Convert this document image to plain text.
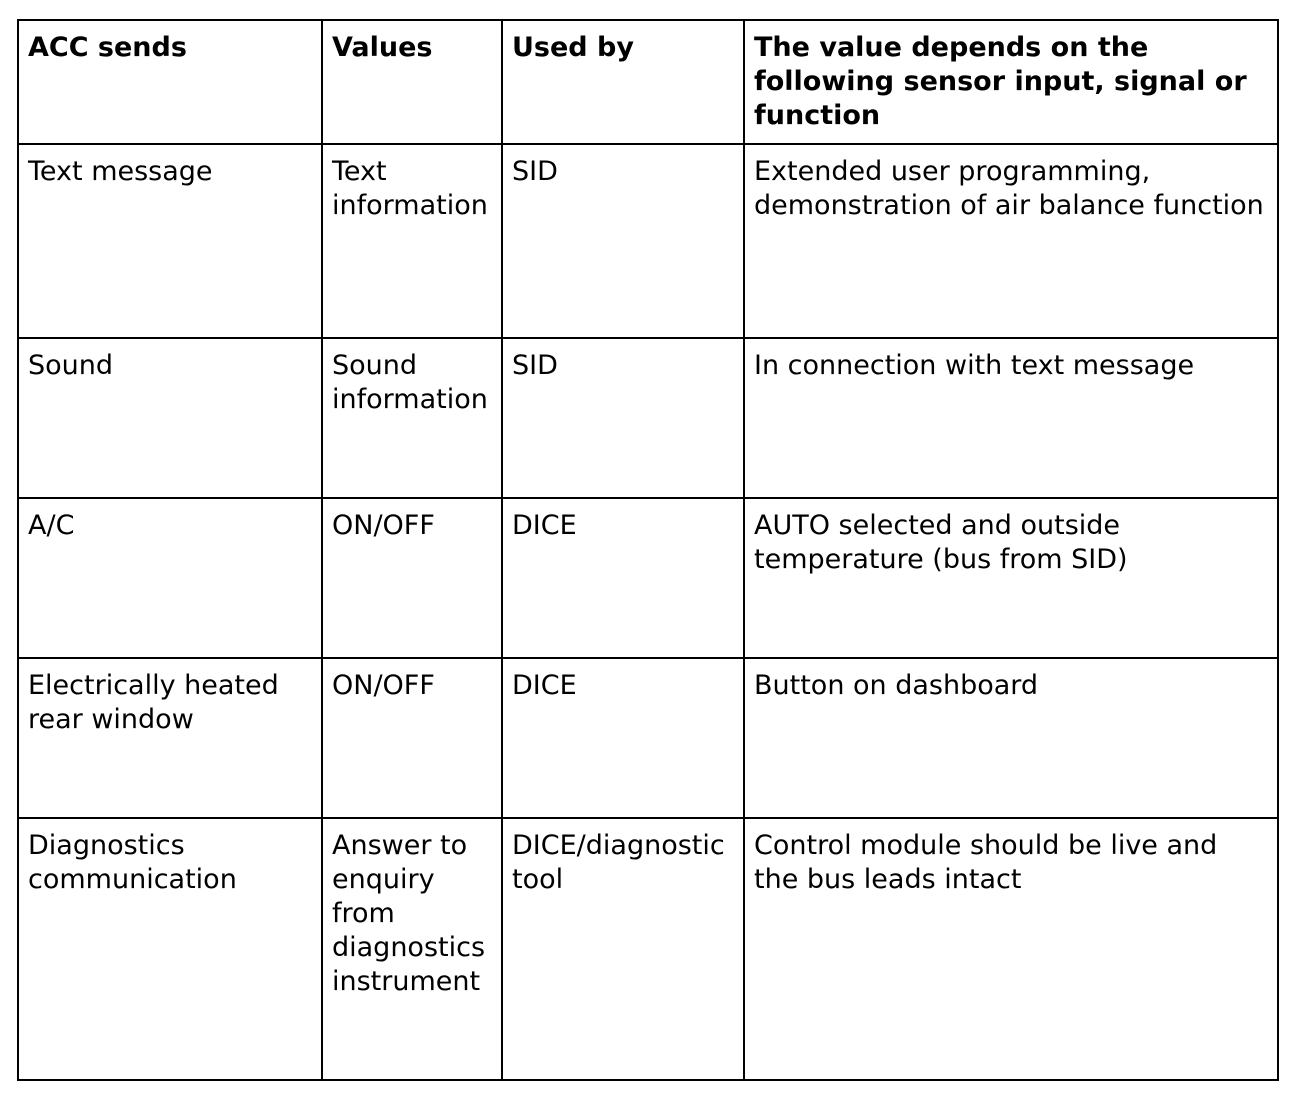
ACC sends	Values	Used by	The value depends on the following sensor input, signal or function
Text message	Text information	SID	Extended user programming, demonstration of air balance function
Sound	Sound information	SID	In connection with text message
A/C	ON/OFF	DICE	AUTO selected and outside temperature (bus from SID)
Electrically heated rear window	ON/OFF	DICE	Button on dashboard
Diagnostics communication	Answer to enquiry from diagnostics instrument	DICE/diagnostic tool	Control module should be live and the bus leads intact
